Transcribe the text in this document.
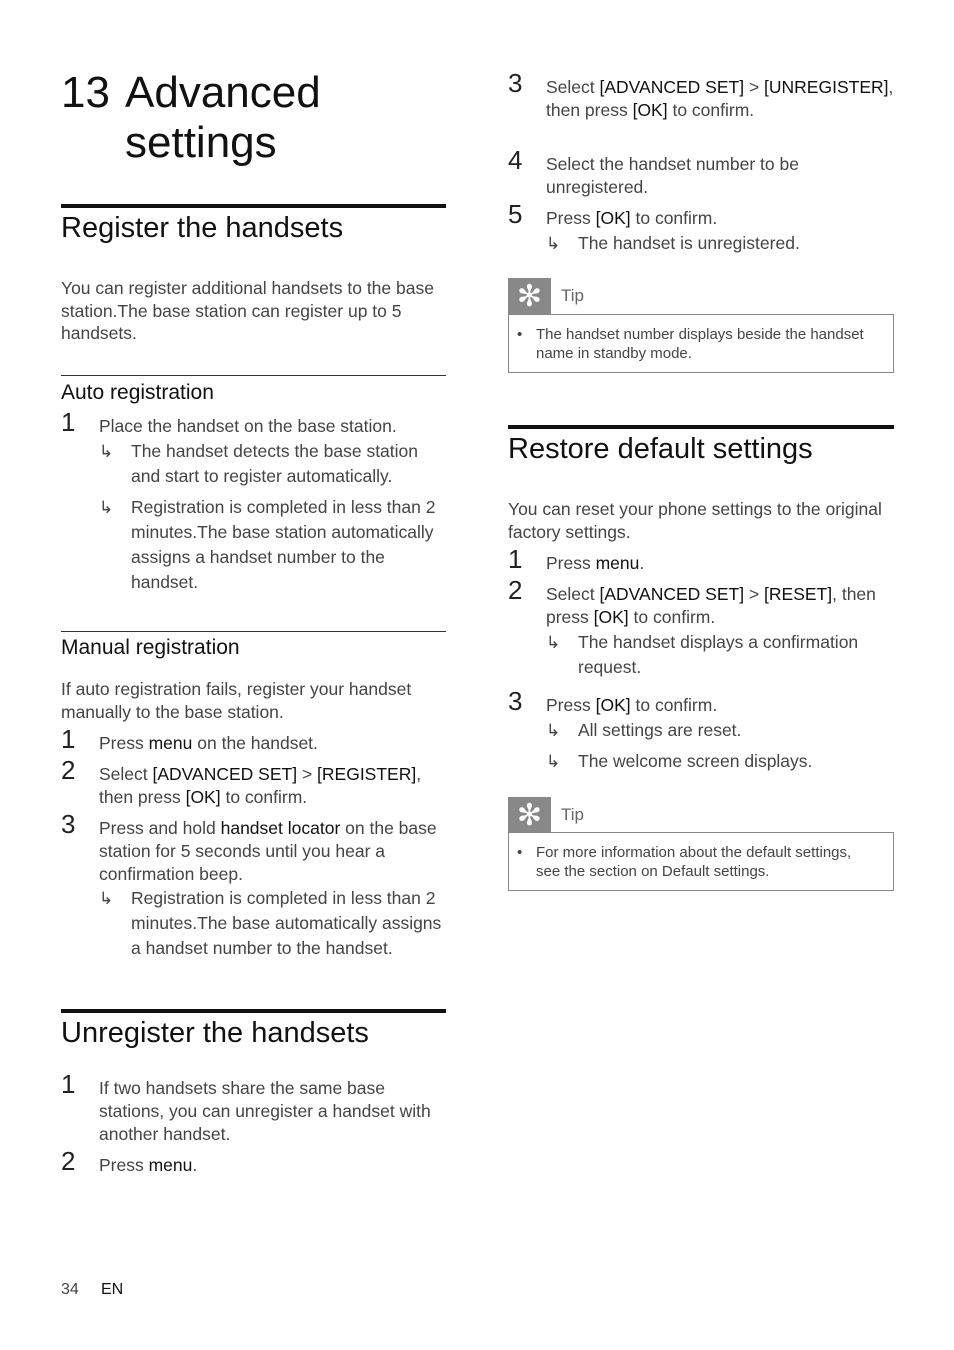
13 Advanced settings
Register the handsets
You can register additional handsets to the base station.The base station can register up to 5 handsets.
Auto registration
1 Place the handset on the base station.
↳ The handset detects the base station and start to register automatically.
↳ Registration is completed in less than 2 minutes.The base station automatically assigns a handset number to the handset.
Manual registration
If auto registration fails, register your handset manually to the base station.
1 Press menu on the handset.
2 Select [ADVANCED SET] > [REGISTER], then press [OK] to confirm.
3 Press and hold handset locator on the base station for 5 seconds until you hear a confirmation beep.
↳ Registration is completed in less than 2 minutes.The base automatically assigns a handset number to the handset.
Unregister the handsets
1 If two handsets share the same base stations, you can unregister a handset with another handset.
2 Press menu.
3 Select [ADVANCED SET] > [UNREGISTER], then press [OK] to confirm.
4 Select the handset number to be unregistered.
5 Press [OK] to confirm.
↳ The handset is unregistered.
✻	Tip
• The handset number displays beside the handset name in standby mode.
Restore default settings
You can reset your phone settings to the original factory settings.
1 Press menu.
2 Select [ADVANCED SET] > [RESET], then press [OK] to confirm.
↳ The handset displays a confirmation request.
3 Press [OK] to confirm.
↳ All settings are reset.
↳ The welcome screen displays.
✻	Tip
• For more information about the default settings, see the section on Default settings.
34 EN
